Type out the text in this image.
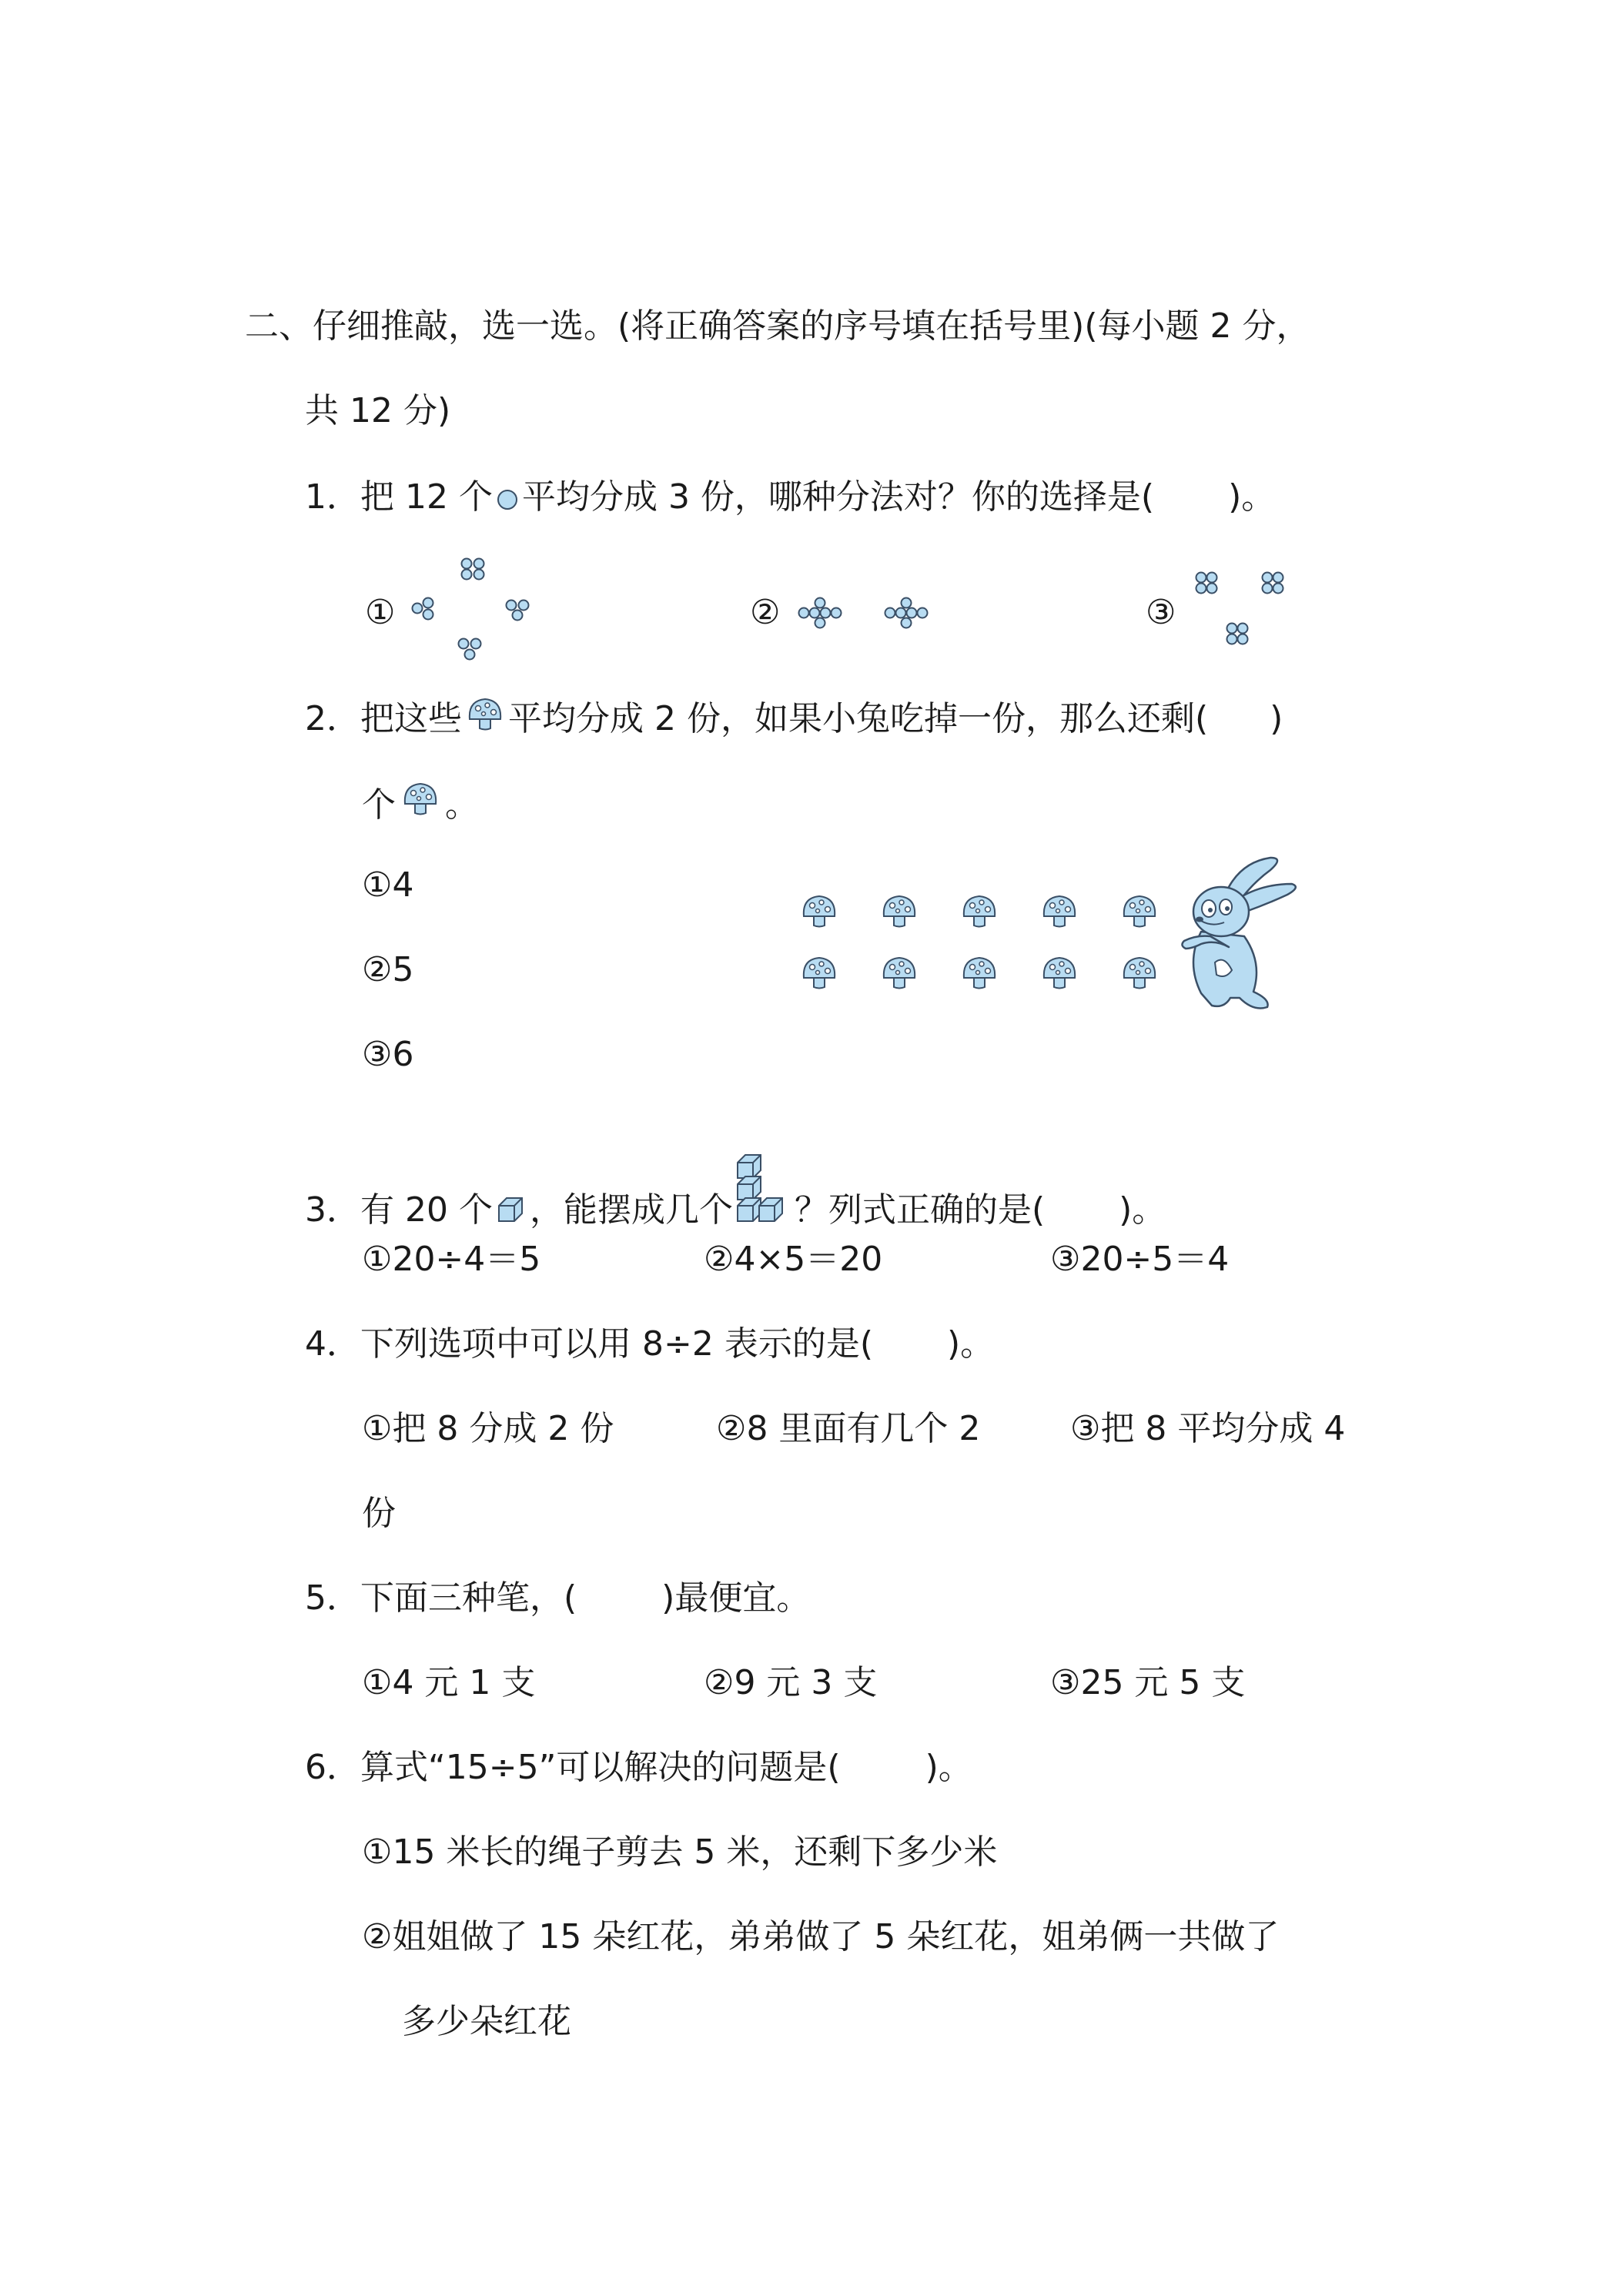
二、仔细推敲，选一选。(将正确答案的序号填在括号里)(每小题 2 分，
共 12 分)
1．把 12 个 平均分成 3 份，哪种分法对？你的选择是( )。
①	②	③
2．把这些 平均分成 2 份，如果小兔吃掉一份，那么还剩( )
个 。
①4
②5
③6
3．有 20 个 ，能摆成几个 ？列式正确的是( )。
①20÷4＝5	②4×5＝20	③20÷5＝4
4．下列选项中可以用 8÷2 表示的是( )。
①把 8 分成 2 份	②8 里面有几个 2	③把 8 平均分成 4
份
5．下面三种笔，(	)最便宜。
①4 元 1 支	②9 元 3 支	③25 元 5 支
6．算式“15÷5”可以解决的问题是(	)。
①15 米长的绳子剪去 5 米，还剩下多少米
②姐姐做了 15 朵红花，弟弟做了 5 朵红花，姐弟俩一共做了
多少朵红花
